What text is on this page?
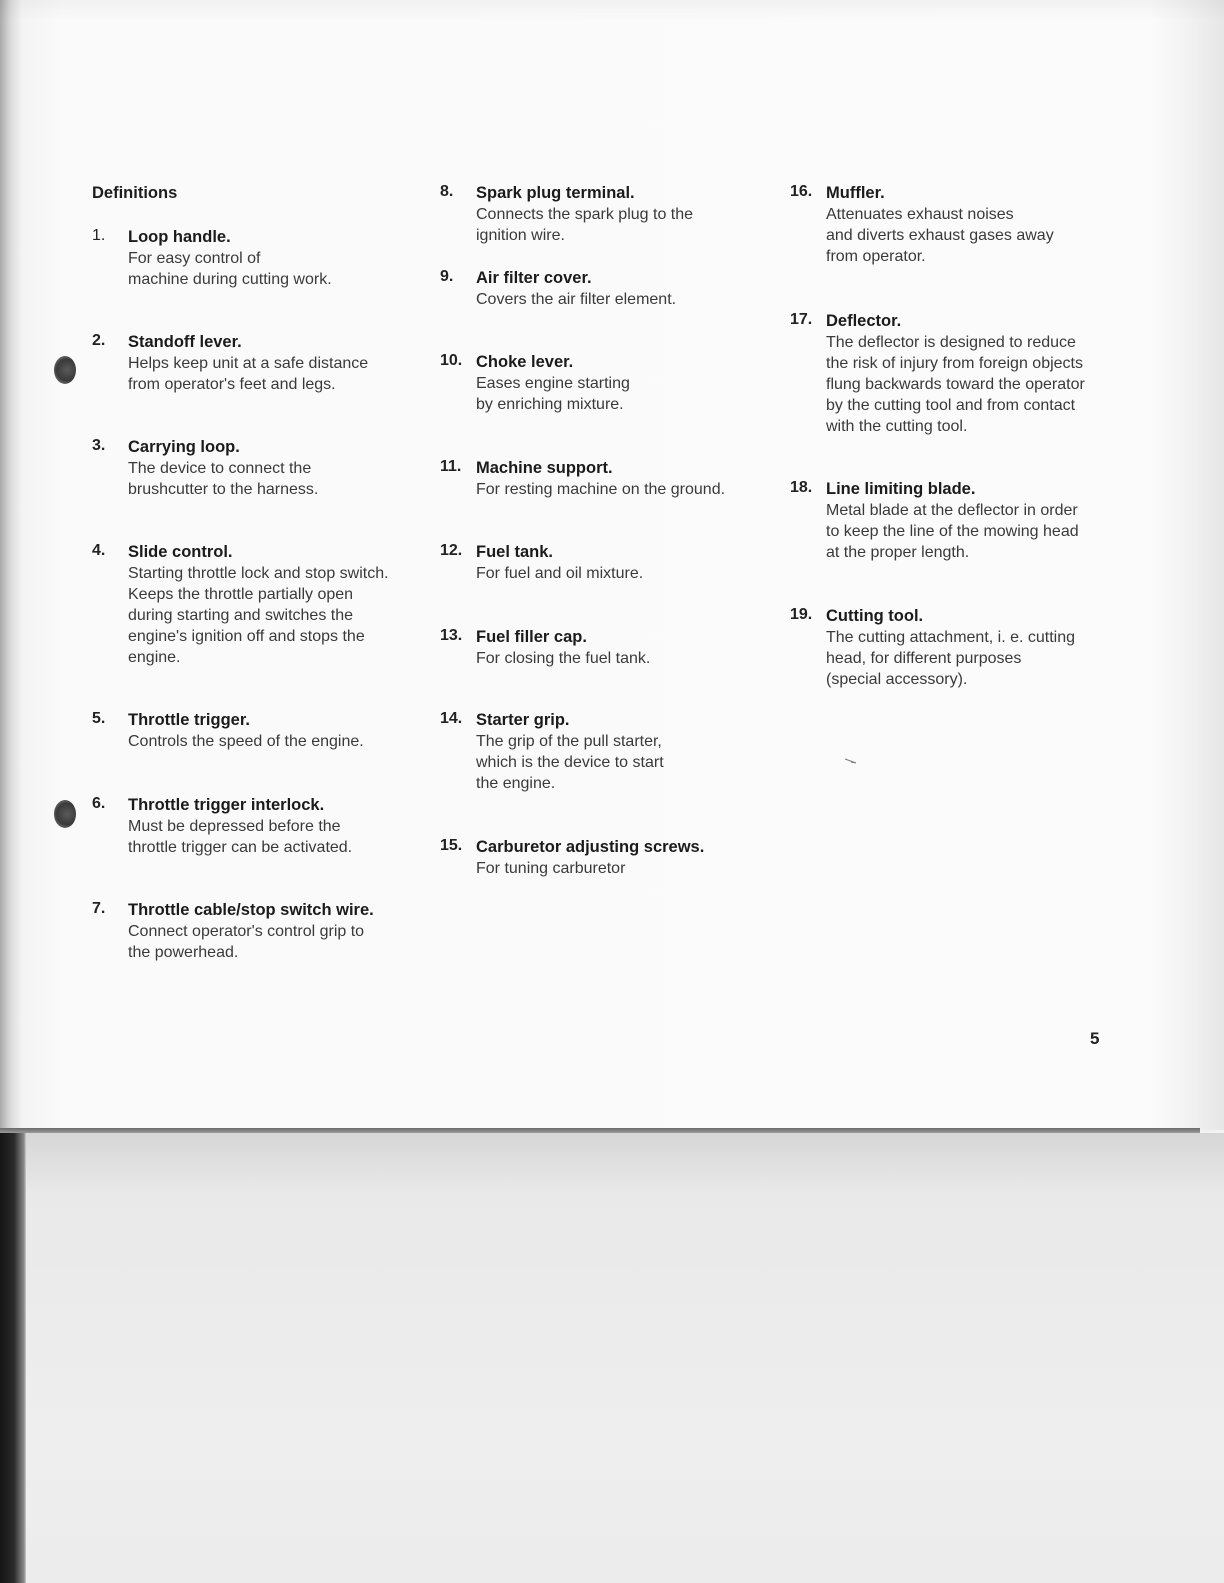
Definitions
1. Loop handle.
For easy control of
machine during cutting work.
2. Standoff lever.
Helps keep unit at a safe distance
from operator's feet and legs.
3. Carrying loop.
The device to connect the
brushcutter to the harness.
4. Slide control.
Starting throttle lock and stop switch.
Keeps the throttle partially open
during starting and switches the
engine's ignition off and stops the
engine.
5. Throttle trigger.
Controls the speed of the engine.
6. Throttle trigger interlock.
Must be depressed before the
throttle trigger can be activated.
7. Throttle cable/stop switch wire.
Connect operator's control grip to
the powerhead.
8. Spark plug terminal.
Connects the spark plug to the
ignition wire.
9. Air filter cover.
Covers the air filter element.
10. Choke lever.
Eases engine starting
by enriching mixture.
11. Machine support.
For resting machine on the ground.
12. Fuel tank.
For fuel and oil mixture.
13. Fuel filler cap.
For closing the fuel tank.
14. Starter grip.
The grip of the pull starter,
which is the device to start
the engine.
15. Carburetor adjusting screws.
For tuning carburetor
16. Muffler.
Attenuates exhaust noises
and diverts exhaust gases away
from operator.
17. Deflector.
The deflector is designed to reduce
the risk of injury from foreign objects
flung backwards toward the operator
by the cutting tool and from contact
with the cutting tool.
18. Line limiting blade.
Metal blade at the deflector in order
to keep the line of the mowing head
at the proper length.
19. Cutting tool.
The cutting attachment, i. e. cutting
head, for different purposes
(special accessory).
5
